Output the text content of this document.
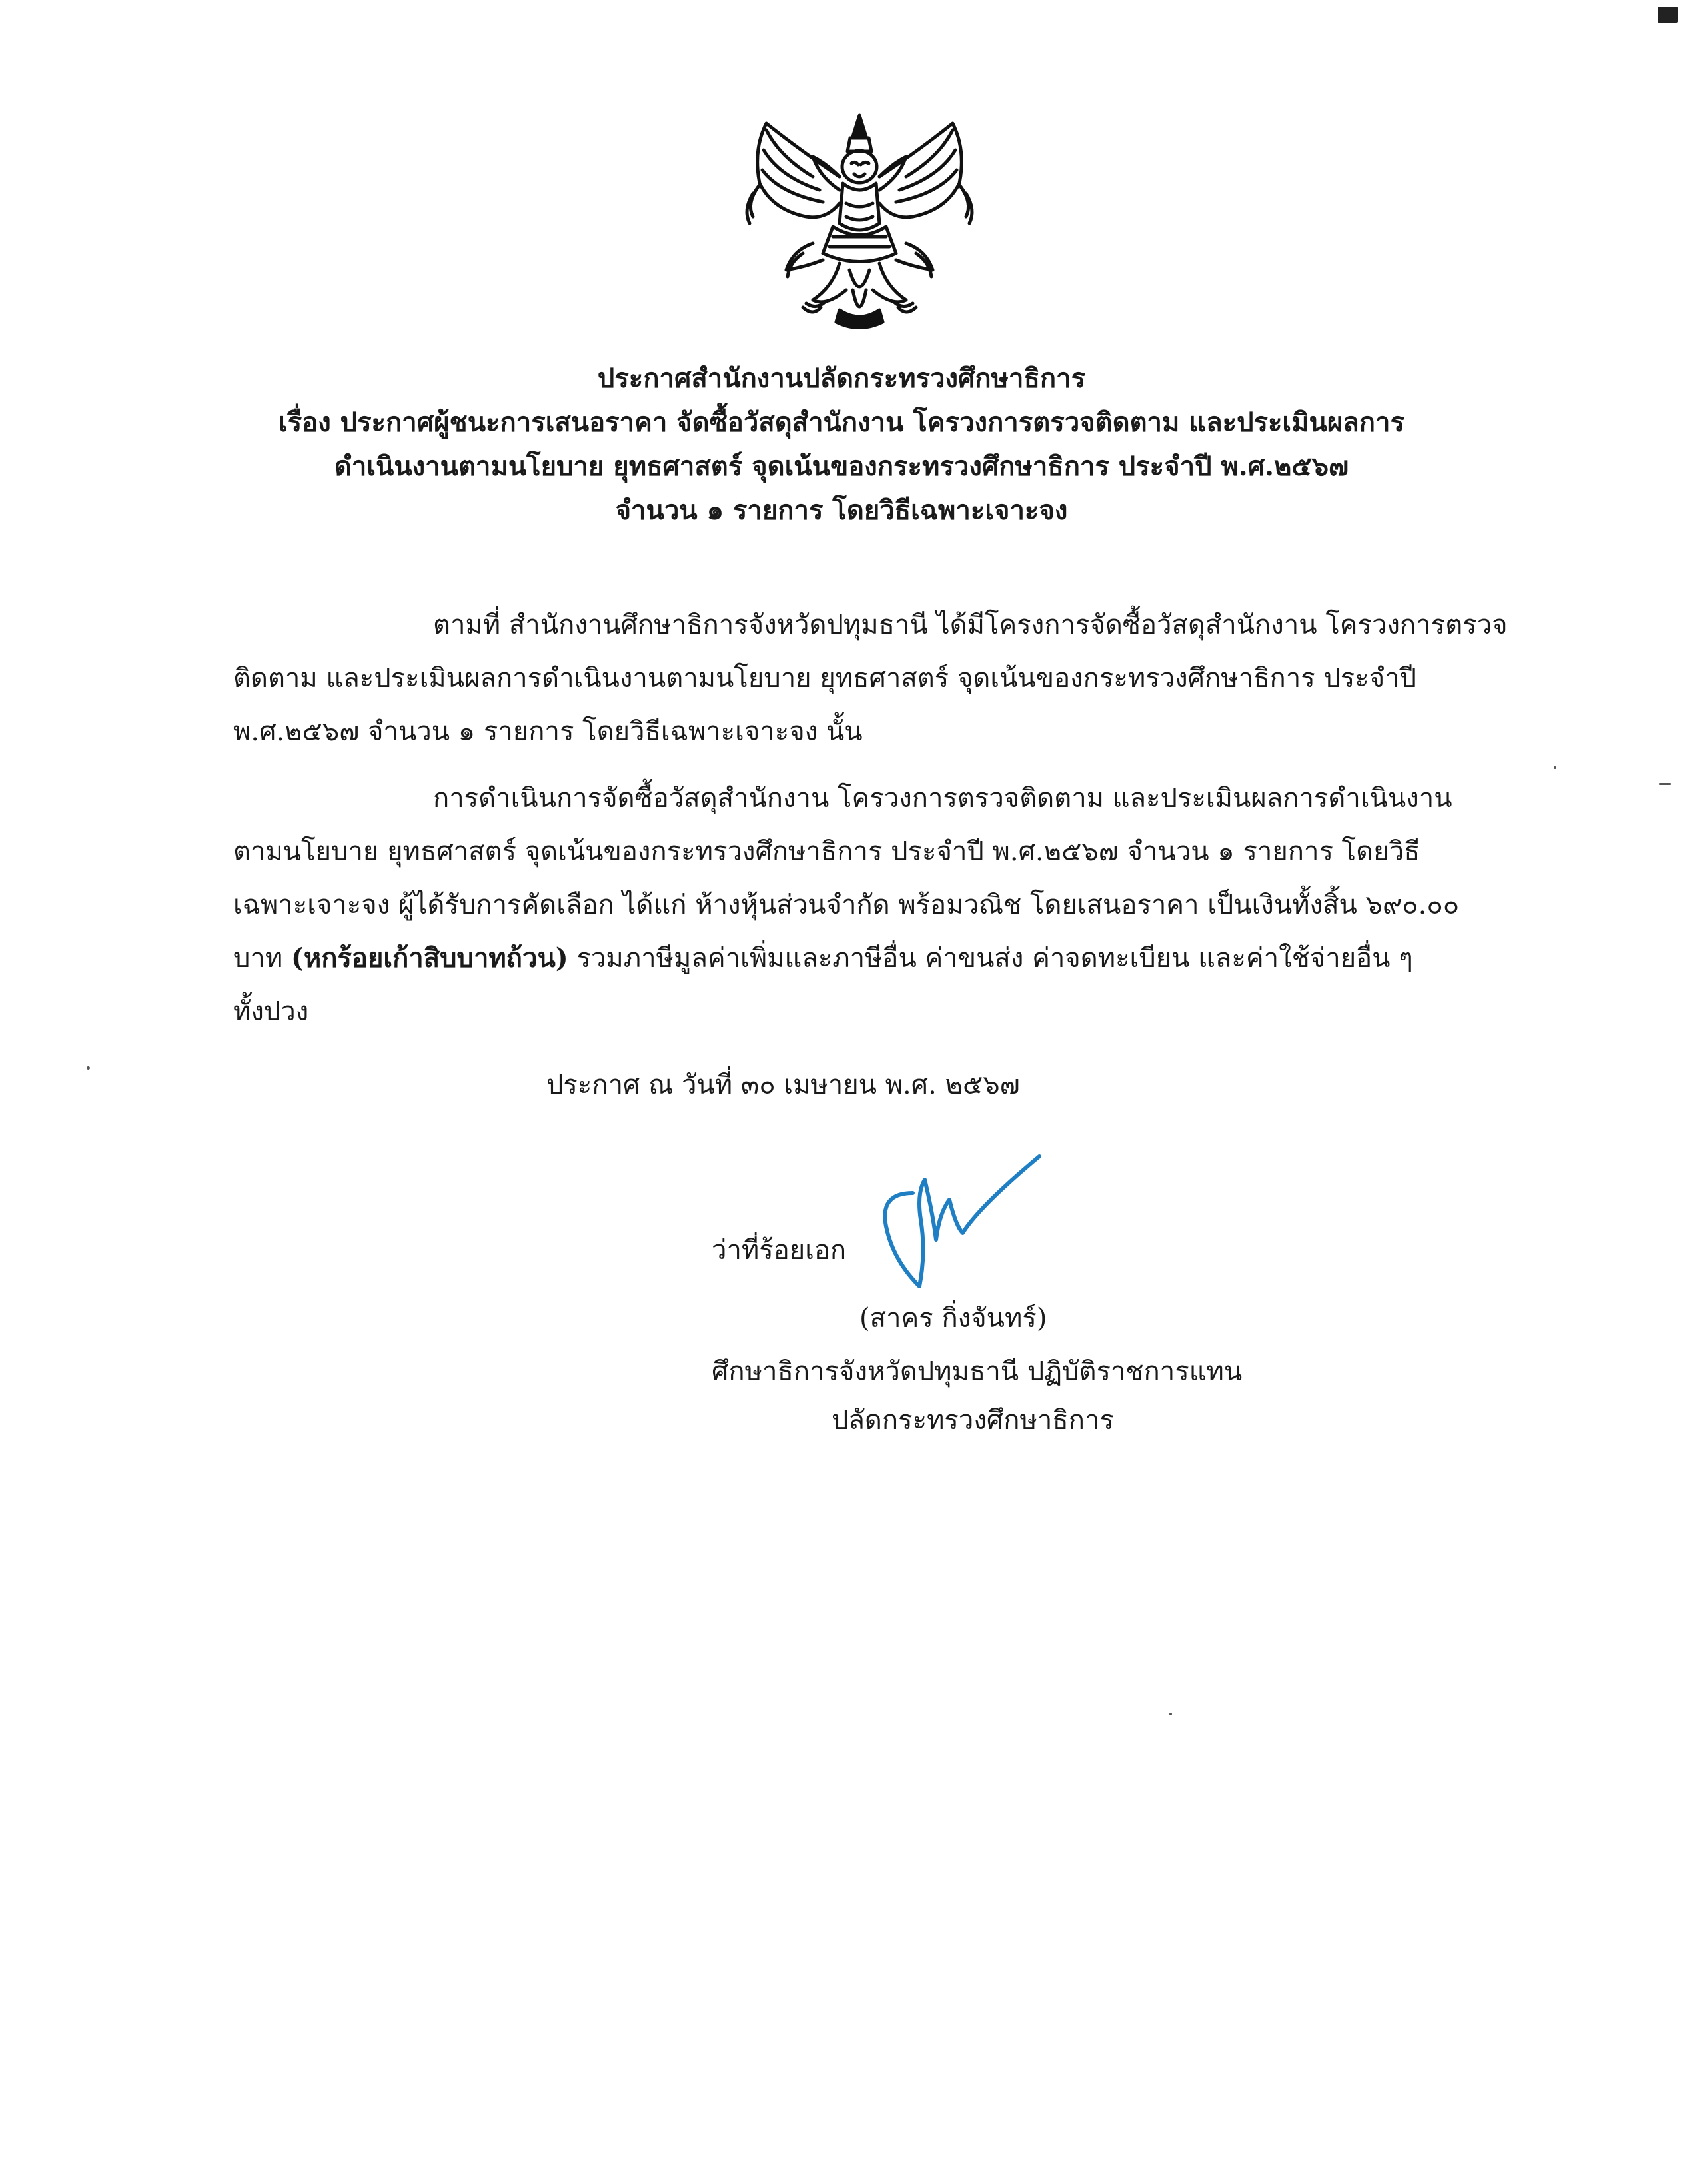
ประกาศสำนักงานปลัดกระทรวงศึกษาธิการ
เรื่อง ประกาศผู้ชนะการเสนอราคา จัดซื้อวัสดุสำนักงาน โครวงการตรวจติดตาม และประเมินผลการ
ดำเนินงานตามนโยบาย ยุทธศาสตร์ จุดเน้นของกระทรวงศึกษาธิการ ประจำปี พ.ศ.๒๕๖๗
จำนวน ๑ รายการ โดยวิธีเฉพาะเจาะจง
ตามที่ สำนักงานศึกษาธิการจังหวัดปทุมธานี ได้มีโครงการจัดซื้อวัสดุสำนักงาน โครวงการตรวจ
ติดตาม และประเมินผลการดำเนินงานตามนโยบาย ยุทธศาสตร์ จุดเน้นของกระทรวงศึกษาธิการ ประจำปี
พ.ศ.๒๕๖๗ จำนวน ๑ รายการ โดยวิธีเฉพาะเจาะจง นั้น
การดำเนินการจัดซื้อวัสดุสำนักงาน โครวงการตรวจติดตาม และประเมินผลการดำเนินงาน
ตามนโยบาย ยุทธศาสตร์ จุดเน้นของกระทรวงศึกษาธิการ ประจำปี พ.ศ.๒๕๖๗ จำนวน ๑ รายการ โดยวิธี
เฉพาะเจาะจง ผู้ได้รับการคัดเลือก ได้แก่ ห้างหุ้นส่วนจำกัด พร้อมวณิช โดยเสนอราคา เป็นเงินทั้งสิ้น ๖๙๐.๐๐
บาท (หกร้อยเก้าสิบบาทถ้วน) รวมภาษีมูลค่าเพิ่มและภาษีอื่น ค่าขนส่ง ค่าจดทะเบียน และค่าใช้จ่ายอื่น ๆ
ทั้งปวง
ประกาศ ณ วันที่ ๓๐ เมษายน พ.ศ. ๒๕๖๗
ว่าที่ร้อยเอก
(สาคร กิ่งจันทร์)
ศึกษาธิการจังหวัดปทุมธานี ปฏิบัติราชการแทน
ปลัดกระทรวงศึกษาธิการ
